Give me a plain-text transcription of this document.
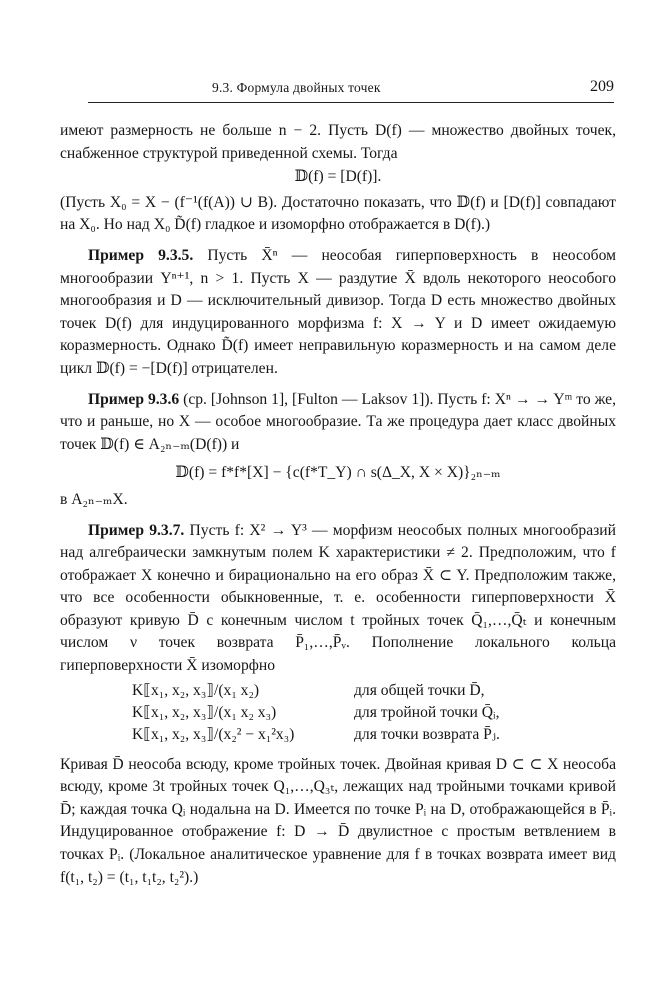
9.3. Формула двойных точек	209

имеют размерность не больше n − 2. Пусть D(f) — множество двойных точек, снабженное структурой приведенной схемы. Тогда

𝔻(f) = [D(f)].

(Пусть X₀ = X − (f⁻¹(f(A)) ∪ B). Достаточно показать, что 𝔻(f) и [D(f)] совпадают на X₀. Но над X₀ D̃(f) гладкое и изоморфно отображается в D(f).)

Пример 9.3.5. Пусть X̄ⁿ — неособая гиперповерхность в неособом многообразии Yⁿ⁺¹, n > 1. Пусть X — раздутие X̄ вдоль некоторого неособого многообразия и D — исключительный дивизор. Тогда D есть множество двойных точек D(f) для индуцированного морфизма f: X → Y и D имеет ожидаемую коразмерность. Однако D̃(f) имеет неправильную коразмерность и на самом деле цикл 𝔻(f) = −[D(f)] отрицателен.

Пример 9.3.6 (ср. [Johnson 1], [Fulton — Laksov 1]). Пусть f: Xⁿ → → Yᵐ то же, что и раньше, но X — особое многообразие. Та же процедура дает класс двойных точек 𝔻(f) ∈ A₂ₙ₋ₘ(D(f)) и

𝔻(f) = f*f*[X] − {c(f*T_Y) ∩ s(Δ_X, X × X)}₂ₙ₋ₘ

в A₂ₙ₋ₘX.

Пример 9.3.7. Пусть f: X² → Y³ — морфизм неособых полных многообразий над алгебраически замкнутым полем K характеристики ≠ 2. Предположим, что f отображает X конечно и бирационально на его образ X̄ ⊂ Y. Предположим также, что все особенности обыкновенные, т. е. особенности гиперповерхности X̄ образуют кривую D̄ с конечным числом t тройных точек Q̄₁,…,Q̄ₜ и конечным числом ν точек возврата P̄₁,…,P̄ᵥ. Пополнение локального кольца гиперповерхности X̄ изоморфно

K⟦x₁, x₂, x₃⟧/(x₁ x₂)	для общей точки D̄,
K⟦x₁, x₂, x₃⟧/(x₁ x₂ x₃)	для тройной точки Q̄ᵢ,
K⟦x₁, x₂, x₃⟧/(x₂² − x₁²x₃)	для точки возврата P̄ⱼ.

Кривая D̄ неособа всюду, кроме тройных точек. Двойная кривая D ⊂ ⊂ X неособа всюду, кроме 3t тройных точек Q₁,…,Q₃ₜ, лежащих над тройными точками кривой D̄; каждая точка Qᵢ нодальна на D. Имеется по точке Pᵢ на D, отображающейся в P̄ᵢ. Индуцированное отображение f: D → D̄ двулистное с простым ветвлением в точках Pᵢ. (Локальное аналитическое уравнение для f в точках возврата имеет вид f(t₁, t₂) = (t₁, t₁t₂, t₂²).)
